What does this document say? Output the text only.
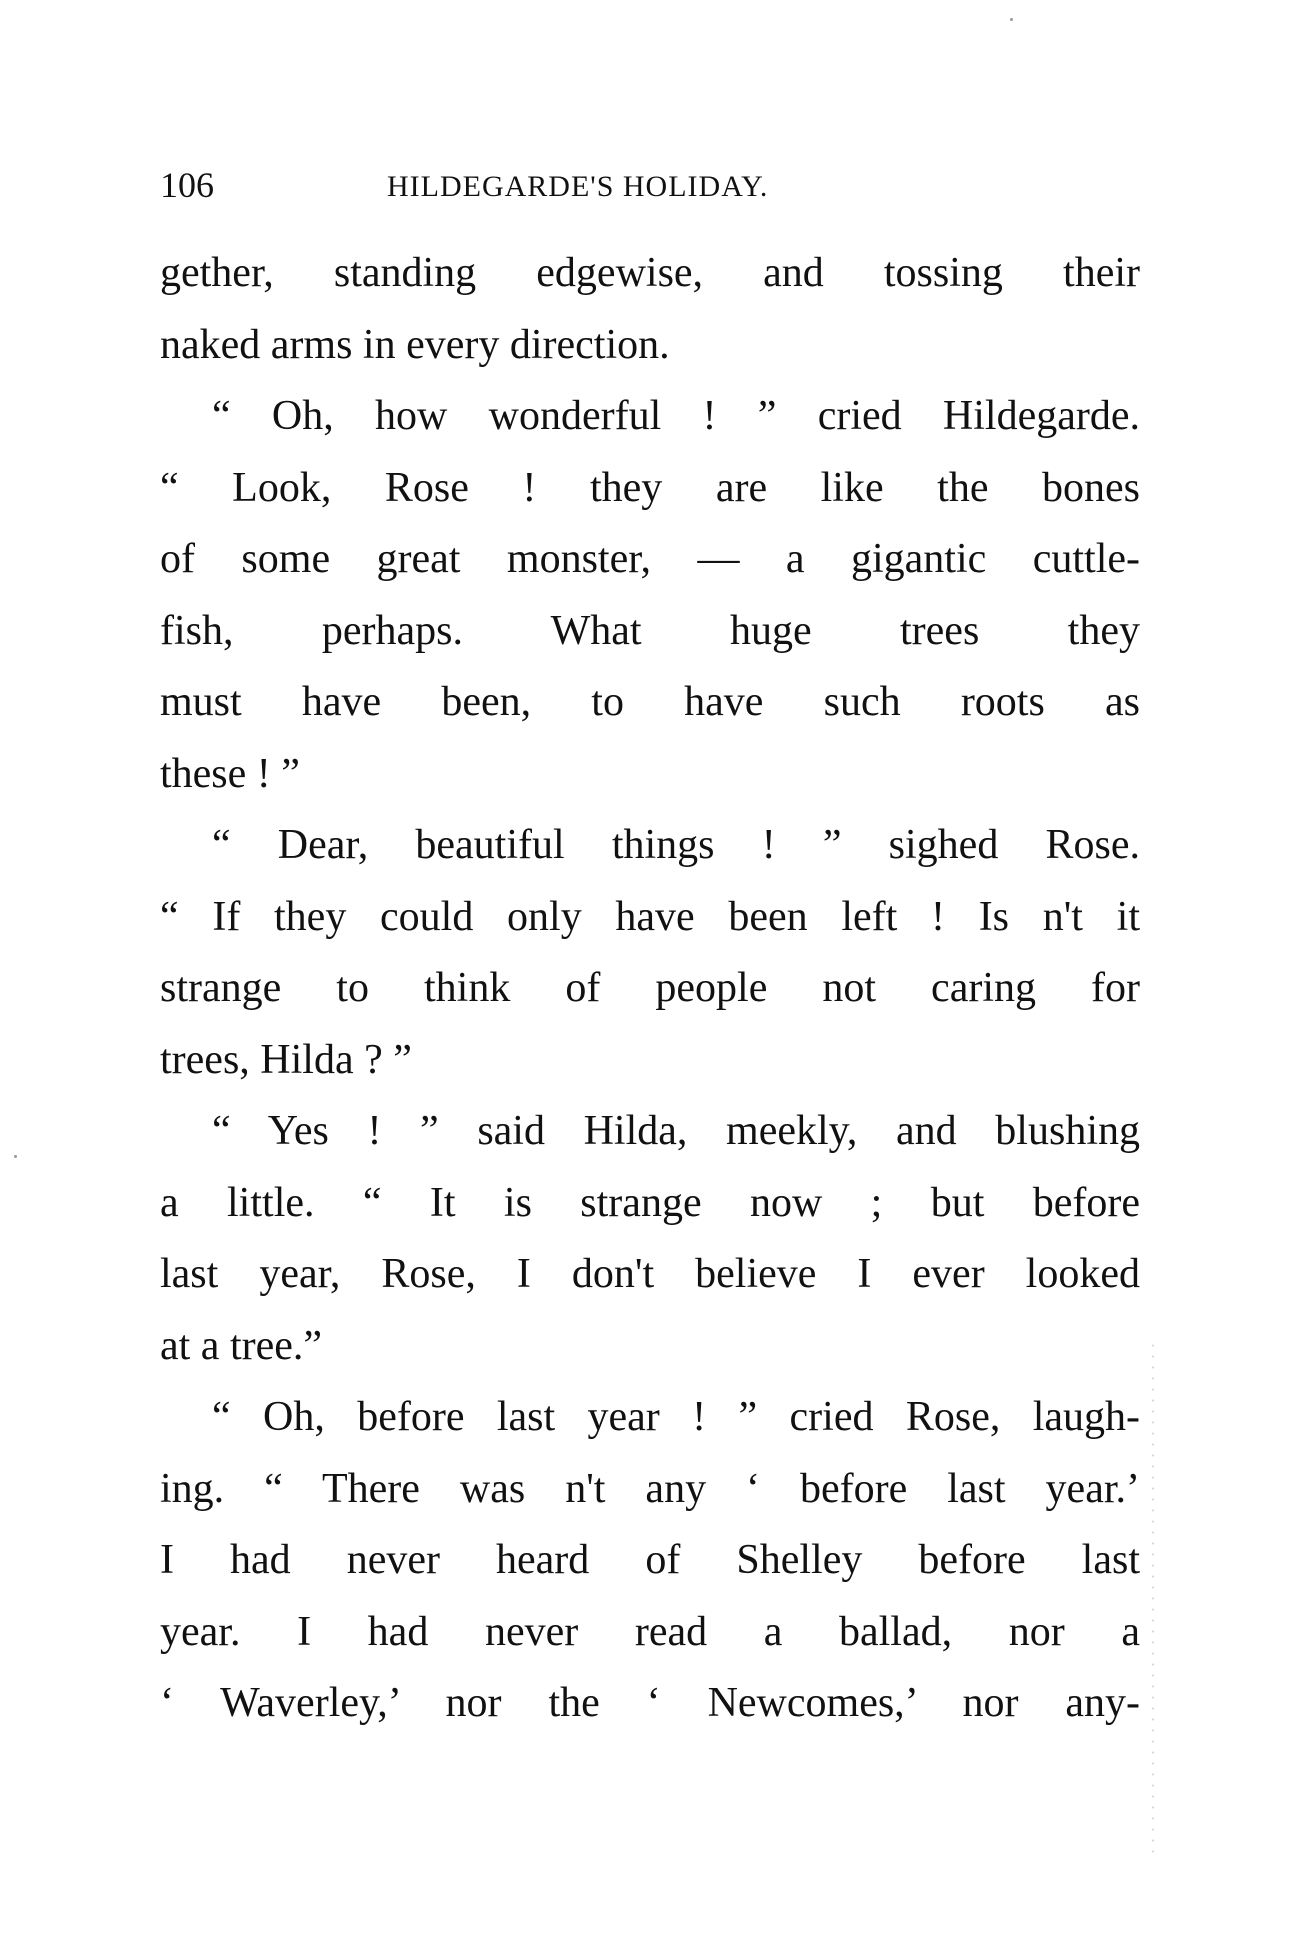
106	HILDEGARDE'S HOLIDAY.
gether, standing edgewise, and tossing their
naked arms in every direction.
“ Oh, how wonderful ! ” cried Hildegarde.
“ Look, Rose ! they are like the bones
of some great monster, — a gigantic cuttle-
fish, perhaps. What huge trees they
must have been, to have such roots as
these ! ”
“ Dear, beautiful things ! ” sighed Rose.
“ If they could only have been left ! Is n't it
strange to think of people not caring for
trees, Hilda ? ”
“ Yes ! ” said Hilda, meekly, and blushing
a little. “ It is strange now ; but before
last year, Rose, I don't believe I ever looked
at a tree.”
“ Oh, before last year ! ” cried Rose, laugh-
ing. “ There was n't any ‘ before last year.’
I had never heard of Shelley before last
year. I had never read a ballad, nor a
‘ Waverley,’ nor the ‘ Newcomes,’ nor any-
